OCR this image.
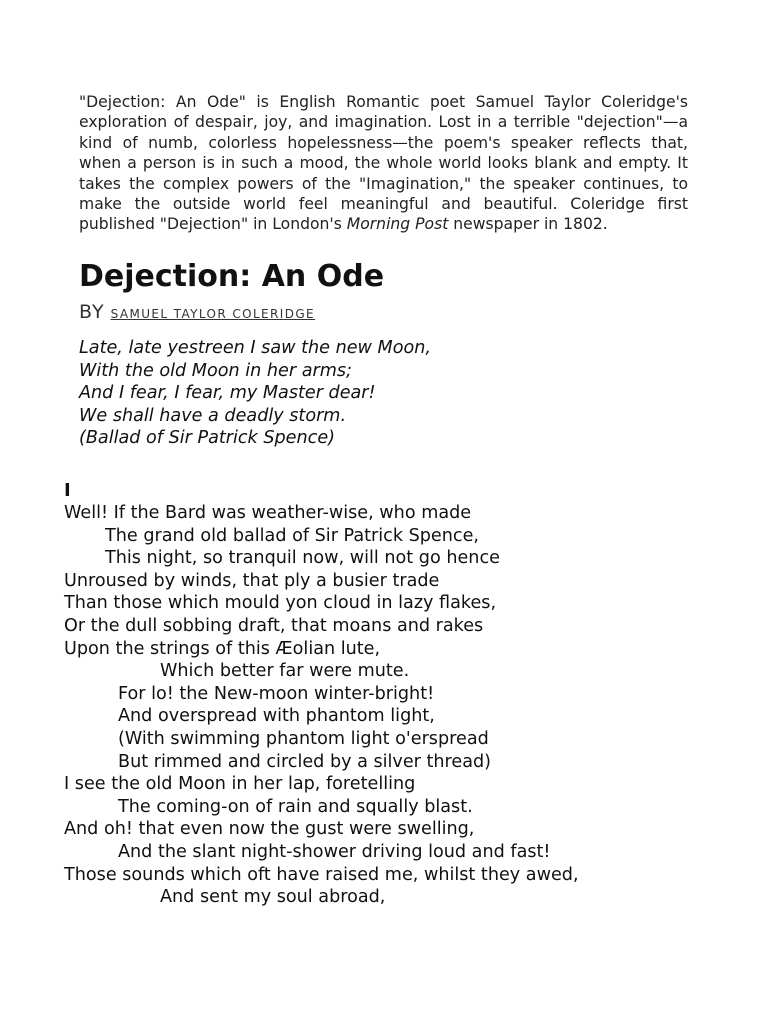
"Dejection: An Ode" is English Romantic poet Samuel Taylor Coleridge's exploration of despair, joy, and imagination. Lost in a terrible "dejection"—a kind of numb, colorless hopelessness—the poem's speaker reflects that, when a person is in such a mood, the whole world looks blank and empty. It takes the complex powers of the "Imagination," the speaker continues, to make the outside world feel meaningful and beautiful. Coleridge first published "Dejection" in London's Morning Post newspaper in 1802.

Dejection: An Ode
BY SAMUEL TAYLOR COLERIDGE
Late, late yestreen I saw the new Moon,
With the old Moon in her arms;
And I fear, I fear, my Master dear!
We shall have a deadly storm.
(Ballad of Sir Patrick Spence)
I
Well! If the Bard was weather-wise, who made
The grand old ballad of Sir Patrick Spence,
This night, so tranquil now, will not go hence
Unroused by winds, that ply a busier trade
Than those which mould yon cloud in lazy flakes,
Or the dull sobbing draft, that moans and rakes
Upon the strings of this Æolian lute,
Which better far were mute.
For lo! the New-moon winter-bright!
And overspread with phantom light,
(With swimming phantom light o'erspread
But rimmed and circled by a silver thread)
I see the old Moon in her lap, foretelling
The coming-on of rain and squally blast.
And oh! that even now the gust were swelling,
And the slant night-shower driving loud and fast!
Those sounds which oft have raised me, whilst they awed,
And sent my soul abroad,
